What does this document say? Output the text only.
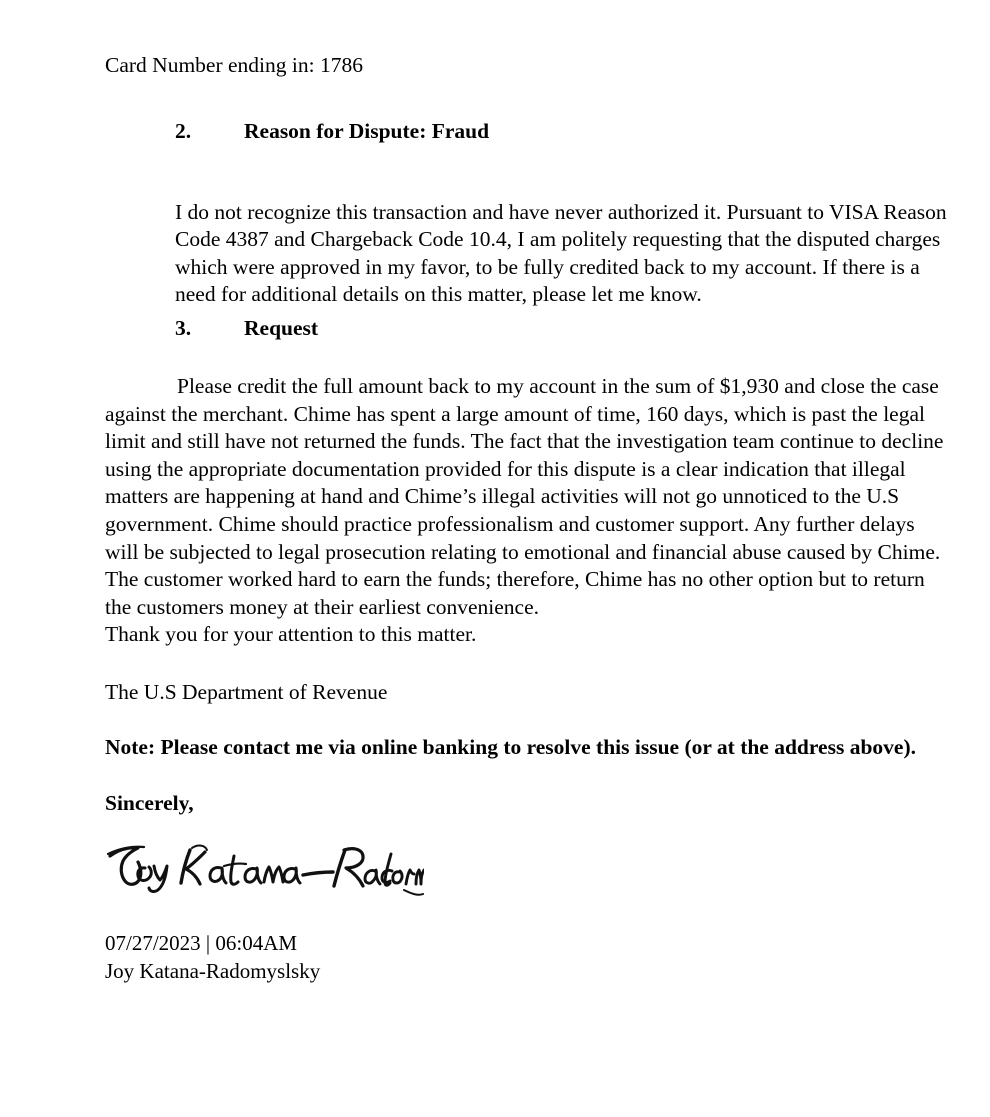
Card Number ending in: 1786
2. Reason for Dispute: Fraud

I do not recognize this transaction and have never authorized it. Pursuant to VISA Reason Code 4387 and Chargeback Code 10.4, I am politely requesting that the disputed charges which were approved in my favor, to be fully credited back to my account. If there is a need for additional details on this matter, please let me know.

3. Request
Please credit the full amount back to my account in the sum of $1,930 and close the case against the merchant. Chime has spent a large amount of time, 160 days, which is past the legal limit and still have not returned the funds. The fact that the investigation team continue to decline using the appropriate documentation provided for this dispute is a clear indication that illegal matters are happening at hand and Chime’s illegal activities will not go unnoticed to the U.S government. Chime should practice professionalism and customer support. Any further delays will be subjected to legal prosecution relating to emotional and financial abuse caused by Chime. The customer worked hard to earn the funds; therefore, Chime has no other option but to return the customers money at their earliest convenience.
Thank you for your attention to this matter.
The U.S Department of Revenue
Note: Please contact me via online banking to resolve this issue (or at the address above).
Sincerely,
07/27/2023 | 06:04AM
Joy Katana-Radomyslsky
